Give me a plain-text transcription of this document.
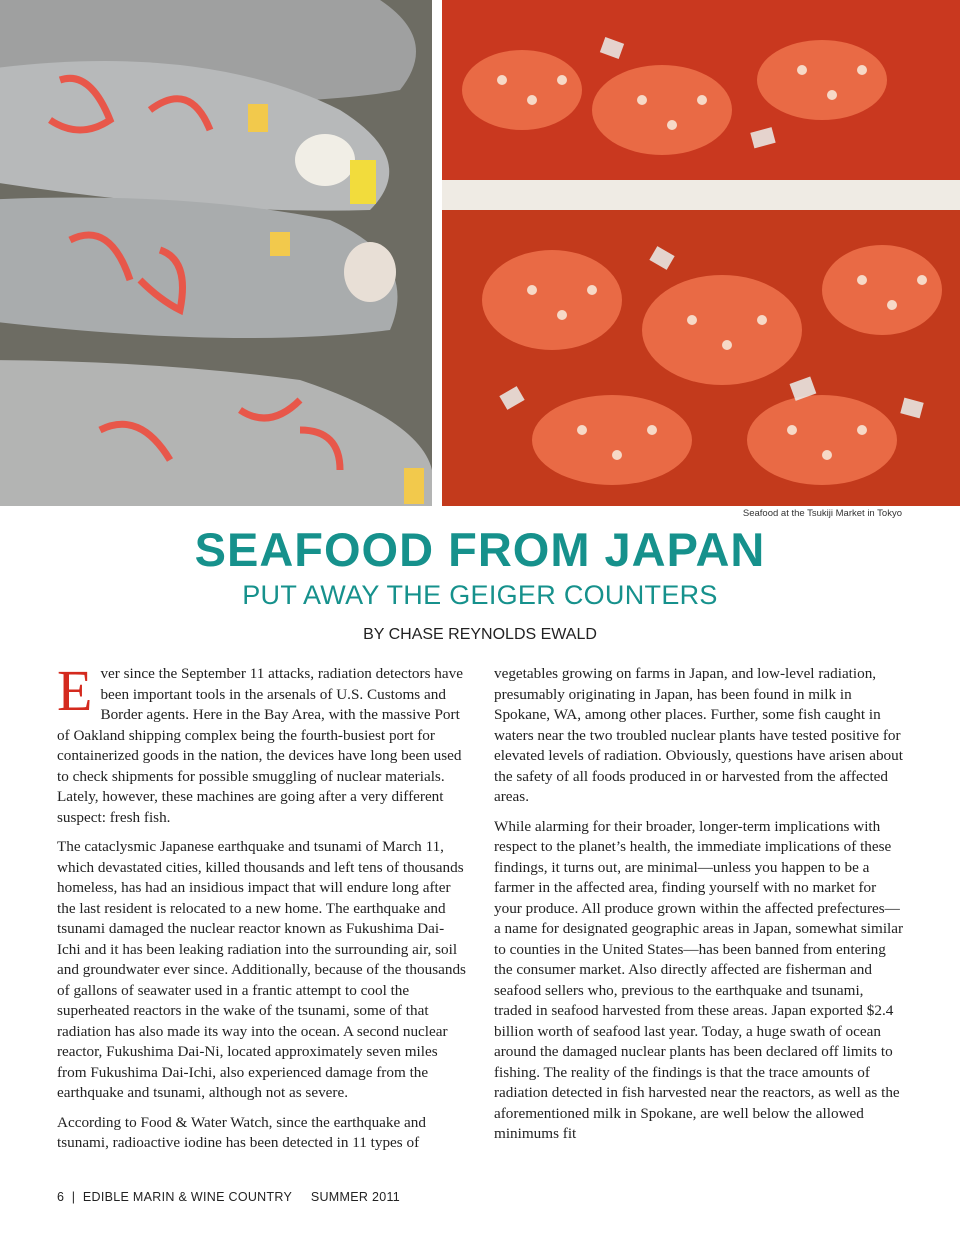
Seafood at the Tsukiji Market in Tokyo
SEAFOOD FROM JAPAN
PUT AWAY THE GEIGER COUNTERS
BY CHASE REYNOLDS EWALD

Ever since the September 11 attacks, radiation detectors have been important tools in the arsenals of U.S. Customs and Border agents. Here in the Bay Area, with the massive Port of Oakland shipping complex being the fourth-busiest port for containerized goods in the nation, the devices have long been used to check shipments for possible smuggling of nuclear materials. Lately, however, these machines are going after a very different suspect: fresh fish.

The cataclysmic Japanese earthquake and tsunami of March 11, which devastated cities, killed thousands and left tens of thousands homeless, has had an insidious impact that will endure long after the last resident is relocated to a new home. The earthquake and tsunami damaged the nuclear reactor known as Fukushima Dai-Ichi and it has been leaking radiation into the surrounding air, soil and groundwater ever since. Additionally, because of the thousands of gallons of seawater used in a frantic attempt to cool the superheated reactors in the wake of the tsunami, some of that radiation has also made its way into the ocean. A second nuclear reactor, Fukushima Dai-Ni, located approximately seven miles from Fukushima Dai-Ichi, also experienced damage from the earthquake and tsunami, although not as severe.

According to Food & Water Watch, since the earthquake and tsunami, radioactive iodine has been detected in 11 types of

vegetables growing on farms in Japan, and low-level radiation, presumably originating in Japan, has been found in milk in Spokane, WA, among other places. Further, some fish caught in waters near the two troubled nuclear plants have tested positive for elevated levels of radiation. Obviously, questions have arisen about the safety of all foods produced in or harvested from the affected areas.

While alarming for their broader, longer-term implications with respect to the planet’s health, the immediate implications of these findings, it turns out, are minimal—unless you happen to be a farmer in the affected area, finding yourself with no market for your produce. All produce grown within the affected prefectures—a name for designated geographic areas in Japan, somewhat similar to counties in the United States—has been banned from entering the consumer market. Also directly affected are fisherman and seafood sellers who, previous to the earthquake and tsunami, traded in seafood harvested from these areas. Japan exported $2.4 billion worth of seafood last year. Today, a huge swath of ocean around the damaged nuclear plants has been declared off limits to fishing. The reality of the findings is that the trace amounts of radiation detected in fish harvested near the reactors, as well as the aforementioned milk in Spokane, are well below the allowed minimums fit

6  |  EDIBLE MARIN & WINE COUNTRY     SUMMER 2011
